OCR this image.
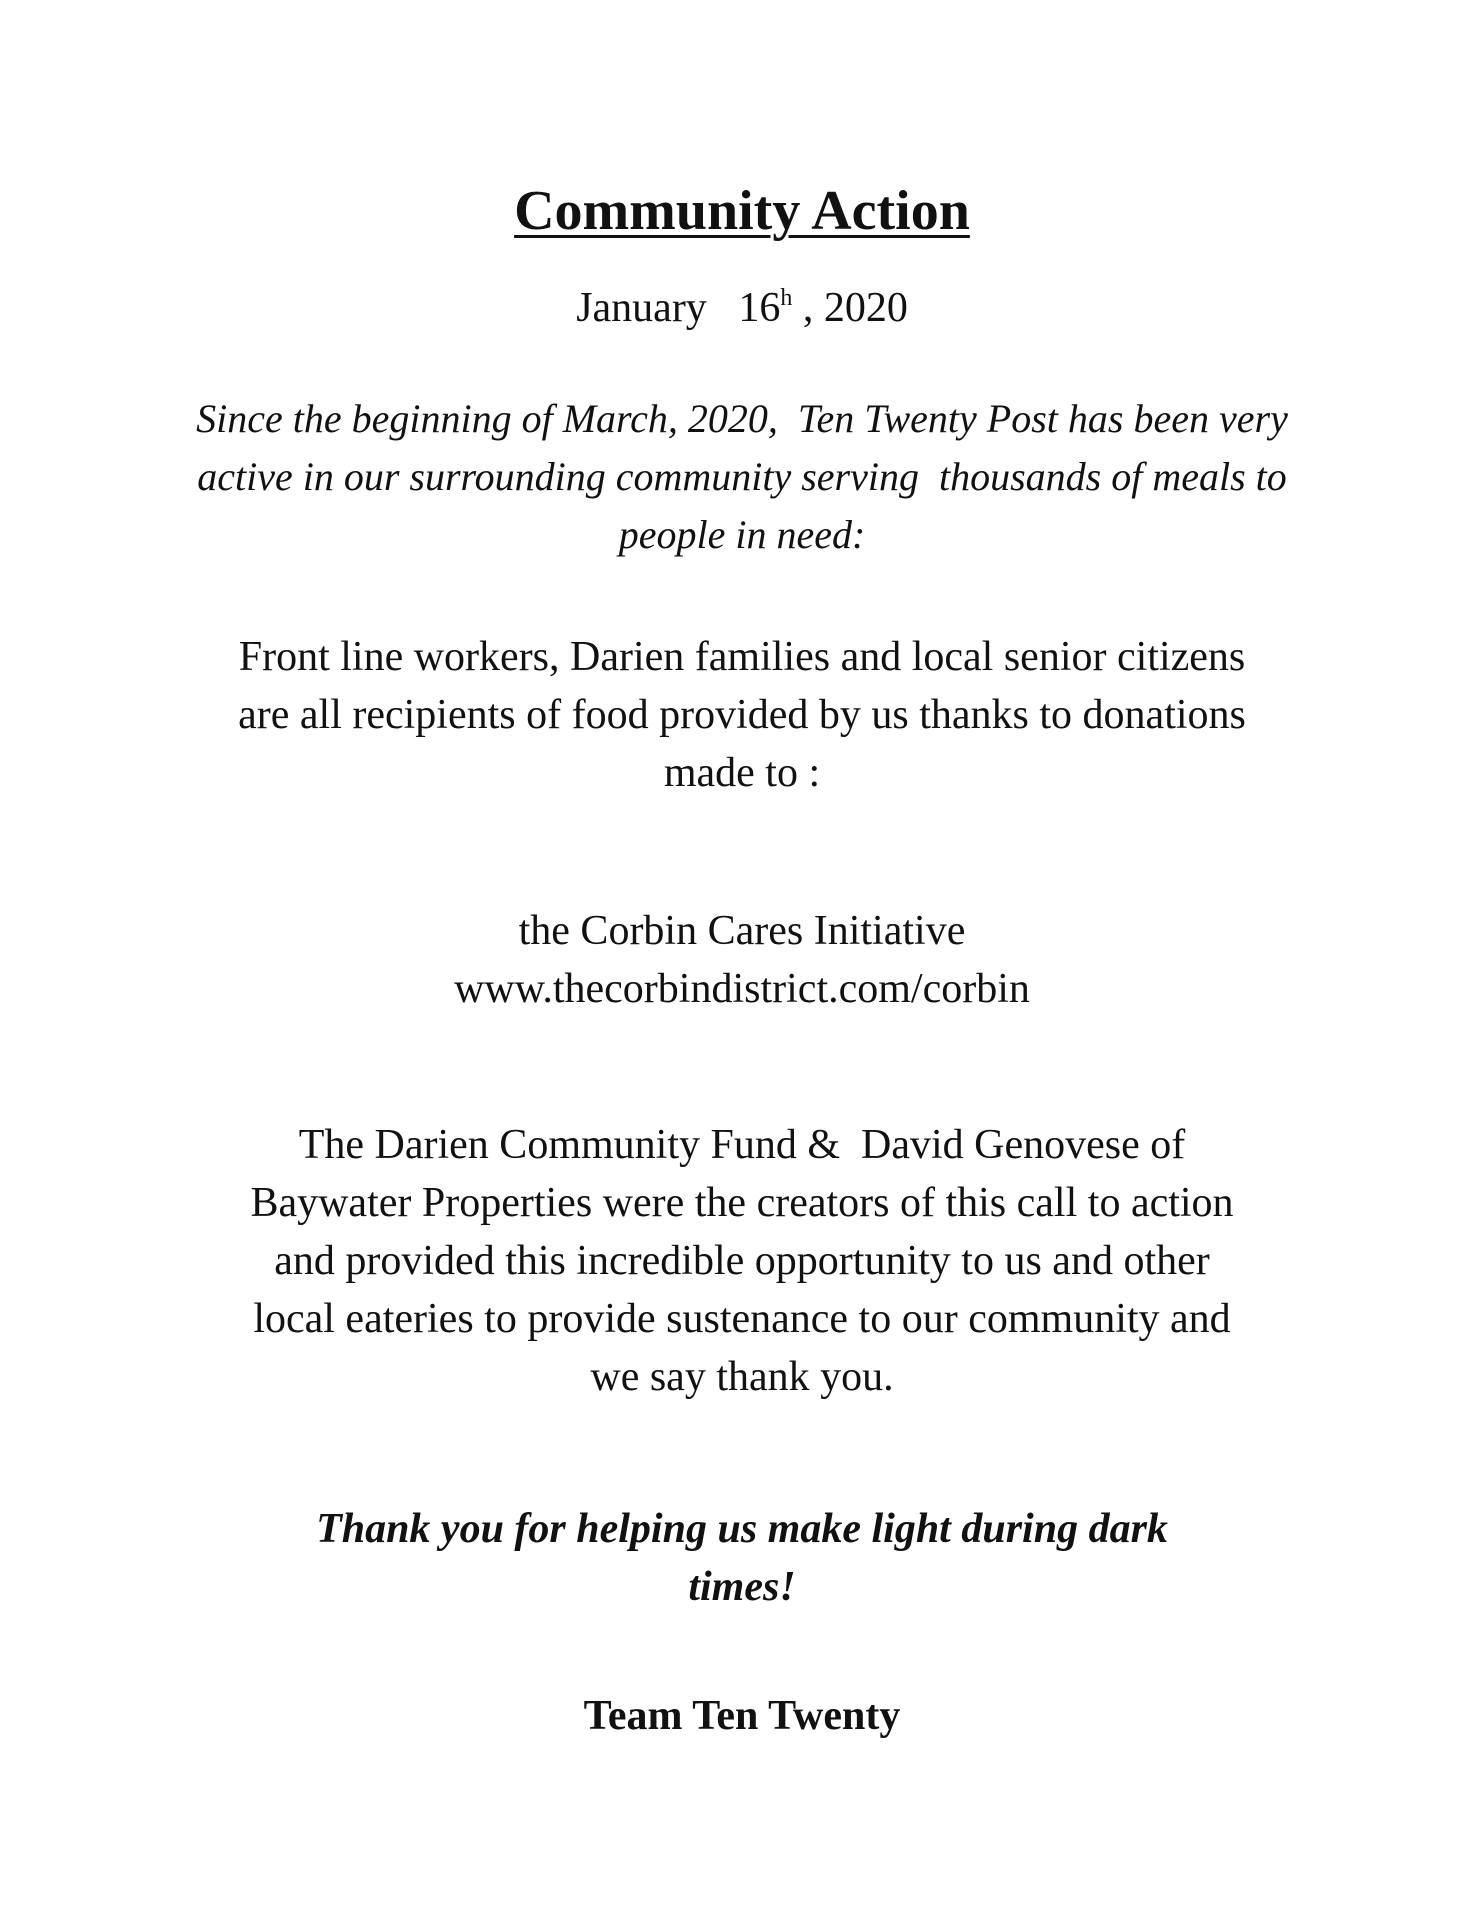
Community Action
January 16$^h$ , 2020
Since the beginning of March, 2020,  Ten Twenty Post has been very
active in our surrounding community serving  thousands of meals to
people in need:
Front line workers, Darien families and local senior citizens
are all recipients of food provided by us thanks to donations
made to :
the Corbin Cares Initiative
www.thecorbindistrict.com/corbin
The Darien Community Fund &  David Genovese of
Baywater Properties were the creators of this call to action
and provided this incredible opportunity to us and other
local eateries to provide sustenance to our community and
we say thank you.
Thank you for helping us make light during dark
times!
Team Ten Twenty
